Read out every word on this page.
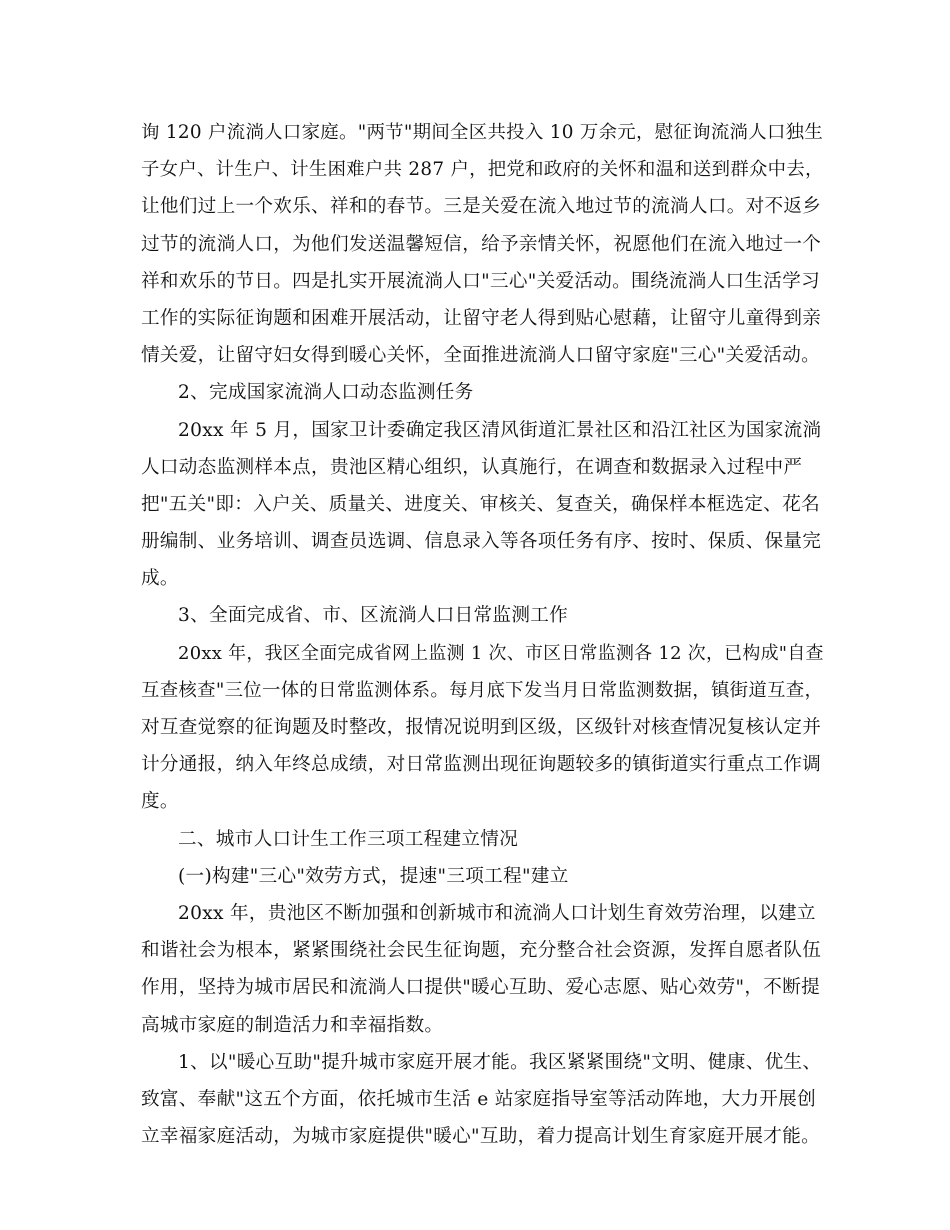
询 120 户流淌人口家庭。"两节"期间全区共投入 10 万余元，慰征询流淌人口独生
子女户、计生户、计生困难户共 287 户，把党和政府的关怀和温和送到群众中去，
让他们过上一个欢乐、祥和的春节。三是关爱在流入地过节的流淌人口。对不返乡
过节的流淌人口，为他们发送温馨短信，给予亲情关怀，祝愿他们在流入地过一个
祥和欢乐的节日。四是扎实开展流淌人口"三心"关爱活动。围绕流淌人口生活学习
工作的实际征询题和困难开展活动，让留守老人得到贴心慰藉，让留守儿童得到亲
情关爱，让留守妇女得到暖心关怀，全面推进流淌人口留守家庭"三心"关爱活动。

2、完成国家流淌人口动态监测任务

20xx 年 5 月，国家卫计委确定我区清风街道汇景社区和沿江社区为国家流淌
人口动态监测样本点，贵池区精心组织，认真施行，在调查和数据录入过程中严
把"五关"即：入户关、质量关、进度关、审核关、复查关，确保样本框选定、花名
册编制、业务培训、调查员选调、信息录入等各项任务有序、按时、保质、保量完
成。

3、全面完成省、市、区流淌人口日常监测工作

20xx 年，我区全面完成省网上监测 1 次、市区日常监测各 12 次，已构成"自查
互查核查"三位一体的日常监测体系。每月底下发当月日常监测数据，镇街道互查，
对互查觉察的征询题及时整改，报情况说明到区级，区级针对核查情况复核认定并
计分通报，纳入年终总成绩，对日常监测出现征询题较多的镇街道实行重点工作调
度。

二、城市人口计生工作三项工程建立情况

(一)构建"三心"效劳方式，提速"三项工程"建立

20xx 年，贵池区不断加强和创新城市和流淌人口计划生育效劳治理，以建立
和谐社会为根本，紧紧围绕社会民生征询题，充分整合社会资源，发挥自愿者队伍
作用，坚持为城市居民和流淌人口提供"暖心互助、爱心志愿、贴心效劳"，不断提
高城市家庭的制造活力和幸福指数。

1、以"暖心互助"提升城市家庭开展才能。我区紧紧围绕"文明、健康、优生、
致富、奉献"这五个方面，依托城市生活 e 站家庭指导室等活动阵地，大力开展创
立幸福家庭活动，为城市家庭提供"暖心"互助，着力提高计划生育家庭开展才能。
